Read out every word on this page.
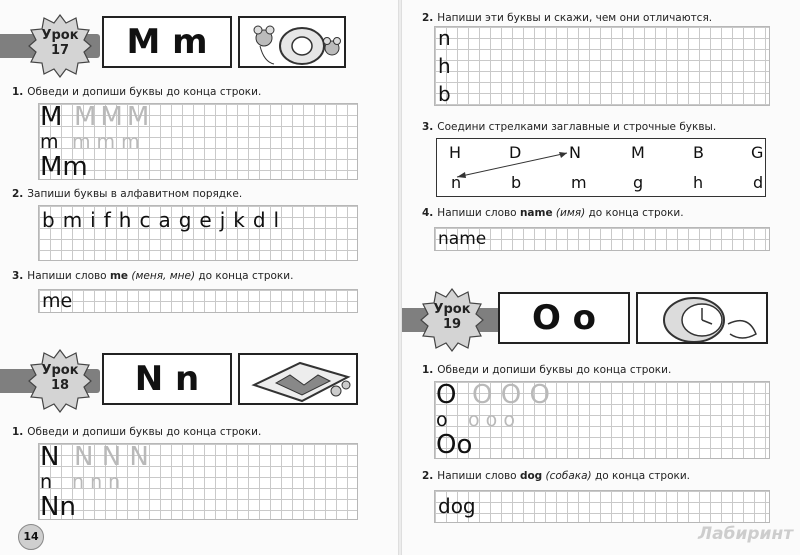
Урок
17	M m
1. Обведи и допиши буквы до конца строки.
M MMM
m m m m
Mm
2. Запиши буквы в алфавитном порядке.
bmifhcagejkdl
3. Напиши слово me (меня, мне) до конца строки.
me
Урок
18	N n
1. Обведи и допиши буквы до конца строки.
N N N N
n n n n
Nn
14
2. Напиши эти буквы и скажи, чем они отличаются.
n
h
b
3. Соедини стрелками заглавные и строчные буквы.
H	D	N	M	B	G
n	b	m	g	h	d
4. Напиши слово name (имя) до конца строки.
name
Урок
19	O o
1. Обведи и допиши буквы до конца строки.
O O O O
o o o o
Oo
2. Напиши слово dog (собака) до конца строки.
dog
Лабиринт
